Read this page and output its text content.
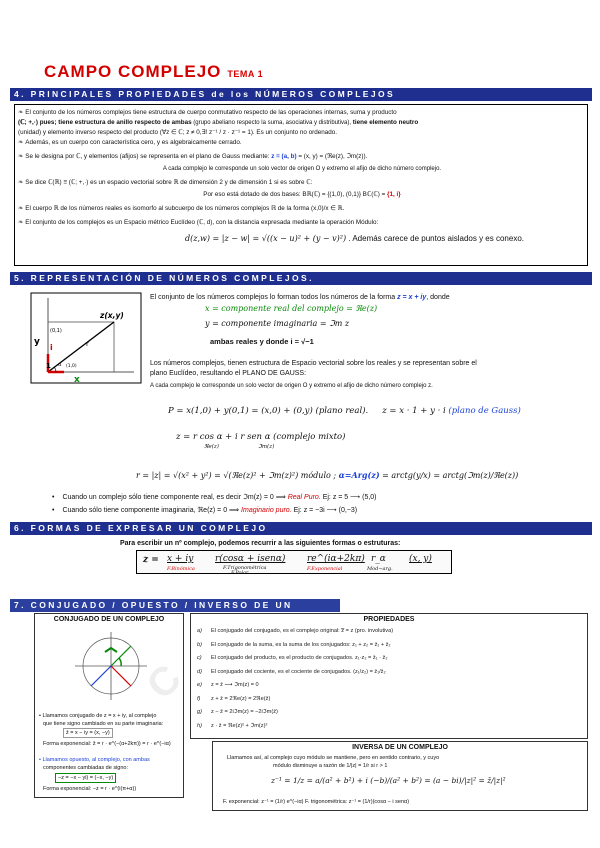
CAMPO COMPLEJO TEMA 1
4. PRINCIPALES PROPIEDADES de los NÚMEROS COMPLEJOS
❧ El conjunto de los números complejos tiene estructura de cuerpo conmutativo respecto de las operaciones internas, suma y producto
(ℂ; +,·) pues; tiene estructura de anillo respecto de ambas (grupo abeliano respecto la suma, asociativa y distributiva), tiene elemento neutro
(unidad) y elemento inverso respecto del producto (∀z ∈ ℂ; z ≠ 0,∃! z⁻¹ / z · z⁻¹ = 1). Es un conjunto no ordenado.
❧ Además, es un cuerpo con característica cero, y es algebraicamente cerrado.
❧ Se le designa por ℂ, y elementos (afijos) se representa en el plano de Gauss mediante: z = (a, b) = (x, y) = (ℜe(z), ℑm(z)).
A cada complejo le corresponde un solo vector de origen O y extremo el afijo de dicho número complejo.
❧ Se dice ℂ(ℝ) ≡ (ℂ; +,·) es un espacio vectorial sobre ℝ de dimensión 2 y de dimensión 1 si es sobre ℂ:
Por eso está dotado de dos bases: Bℝ(ℂ) = {(1,0), (0,1)} Bℂ(ℂ) = {1, i}
❧ El cuerpo ℝ de los números reales es isomorfo al subcuerpo de los números complejos ℝ de la forma (x,0)/x ∈ ℝ.
❧ El conjunto de los complejos es un Espacio métrico Euclídeo (ℂ, d), con la distancia expresada mediante la operación Módulo:
d(z,w) = |z − w| = √((x − u)² + (y − v)²) . Además carece de puntos aislados y es conexo.
5. REPRESENTACIÓN DE NÚMEROS COMPLEJOS.
z(x,y)
r
y
x
i
(0,1)
(1,0)
1 α
El conjunto de los números complejos lo forman todos los números de la forma z = x + iy, donde
x = componente real del complejo = ℜe(z)
y = componente imaginaria = ℑm z
ambas reales y donde i = √−1
Los números complejos, tienen estructura de Espacio vectorial sobre los reales y se representan sobre el
plano Euclídeo, resultando el PLANO DE GAUSS:
A cada complejo le corresponde un solo vector de origen O y extremo el afijo de dicho número complejo z.
P = x(1,0) + y(0,1) = (x,0) + (0,y) (plano real). z = x · 1 + y · i (plano de Gauss)
z = r cos α + i r sen α (complejo mixto)
ℜe(z)	ℑm(z)
r = |z| = √(x² + y²) = √(ℜe(z)² + ℑm(z)²) módulo ; α=Arg(z) = arctg(y/x) = arctg(ℑm(z)/ℜe(z))
• Cuando un complejo sólo tiene componente real, es decir ℑm(z) = 0 ⟹ Real Puro. Ej: z = 5 ⟶ (5,0)
• Cuando sólo tiene componente imaginaria, ℜe(z) = 0 ⟹ Imaginario puro. Ej: z = −3i ⟶ (0,−3)
6. FORMAS DE EXPRESAR UN COMPLEJO
Para escribir un nº complejo, podemos recurrir a las siguientes formas o estruturas:
z = x + iy
F.Binómica
r(cosα + isenα)
F.Trigonométrica
F.Polar
re^(iα+2kπ)
F.Exponencial
r_α
Mod−arg.
(x, y)
7. CONJUGADO / OPUESTO / INVERSO DE UN COMPLEJO
CONJUGADO DE UN COMPLEJO
• Llamamos conjugado de z = x + iy, al complejo
que tiene signo cambiado en su parte imaginaria:
z̄ = x − iy = (x, −y)
Forma exponencial: z̄ = r · e^(−(α+2kπ)) = r · e^(−iα)
• Llamamos opuesto, al complejo, con ambas
componentes cambiadas de signo:
−z = −x − yi) = (−x, −y)
Forma exponencial: −z = r · e^(i(π+α))
PROPIEDADES
a) El conjugado del conjugado, es el complejo original: z̿ = z (pro. involutiva)
b) El conjugado de la suma, es la suma de los conjugados: z₁ + z₂ = z̄₁ + z̄₂
c) El conjugado del producto, es el producto de conjugados. z₁·z₂ = z̄₁ · z̄₂
d) El conjugado del cociente, es el cociente de conjugados. (z₁/z₂) = z̄₁/z̄₂
e) z = z̄ ⟶ ℑm(z) = 0
f) z + z̄ = 2ℜe(z) = 2ℜe(z̄)
g) z − z̄ = 2iℑm(z) = −2iℑm(z̄)
h) z · z̄ = ℜe(z)² + ℑm(z)²
INVERSA DE UN COMPLEJO
Llamamos así, al complejo cuyo módulo se mantiene, pero en sentido contrario, y cuyo
módulo disminuye a razón de 1/|z| = 1/r si r > 1
z⁻¹ = 1/z = a/(a² + b²) + i (−b)/(a² + b²) = (a − bi)/|z|² = z̄/|z|²
F. exponencial: z⁻¹ = (1/r) e^(−iα) F. trigonométrica: z⁻¹ = (1/r)(cosα − i senα)
C
